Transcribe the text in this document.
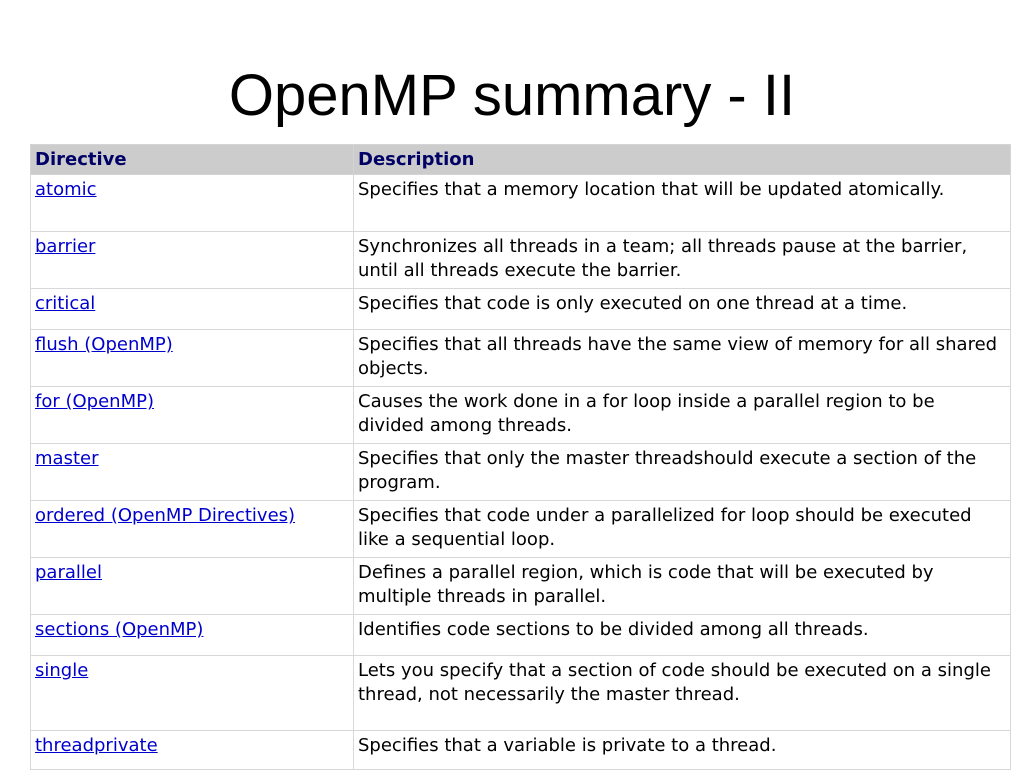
OpenMP summary - II
Directive	Description
atomic	Specifies that a memory location that will be updated atomically.
barrier	Synchronizes all threads in a team; all threads pause at the barrier, until all threads execute the barrier.
critical	Specifies that code is only executed on one thread at a time.
flush (OpenMP)	Specifies that all threads have the same view of memory for all shared objects.
for (OpenMP)	Causes the work done in a for loop inside a parallel region to be divided among threads.
master	Specifies that only the master threadshould execute a section of the program.
ordered (OpenMP Directives)	Specifies that code under a parallelized for loop should be executed like a sequential loop.
parallel	Defines a parallel region, which is code that will be executed by multiple threads in parallel.
sections (OpenMP)	Identifies code sections to be divided among all threads.
single	Lets you specify that a section of code should be executed on a single thread, not necessarily the master thread.
threadprivate	Specifies that a variable is private to a thread.
